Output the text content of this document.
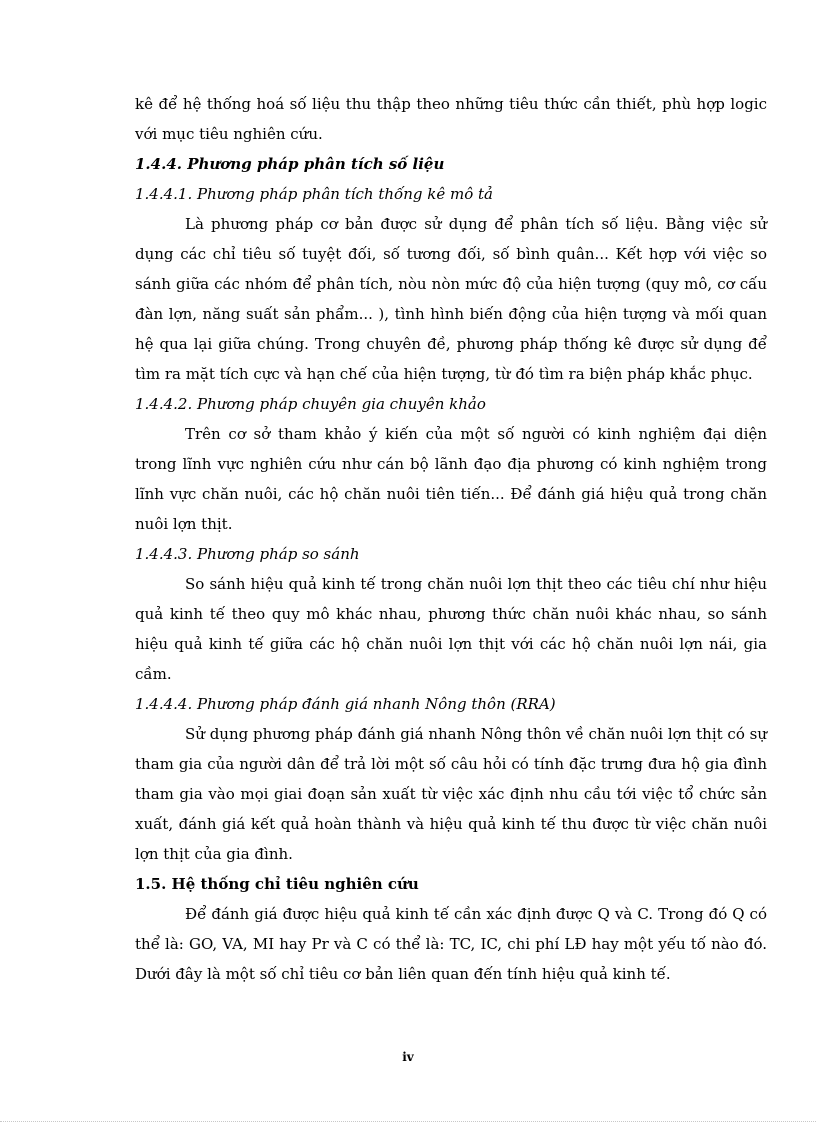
kê để hệ thống hoá số liệu thu thập theo những tiêu thức cần thiết, phù hợp logic với mục tiêu nghiên cứu.

1.4.4. Phương pháp phân tích số liệu

1.4.4.1. Phương pháp phân tích thống kê mô tả

Là phương pháp cơ bản được sử dụng để phân tích số liệu. Bằng việc sử dụng các chỉ tiêu số tuyệt đối, số tương đối, số bình quân... Kết hợp với việc so sánh giữa các nhóm để phân tích, nòu nòn mức độ của hiện tượng (quy mô, cơ cấu đàn lợn, năng suất sản phẩm... ), tình hình biến động của hiện tượng và mối quan hệ qua lại giữa chúng. Trong chuyên đề, phương pháp thống kê được sử dụng để tìm ra mặt tích cực và hạn chế của hiện tượng, từ đó tìm ra biện pháp khắc phục.

1.4.4.2. Phương pháp chuyên gia chuyên khảo

Trên cơ sở tham khảo ý kiến của một số người có kinh nghiệm đại diện trong lĩnh vực nghiên cứu như cán bộ lãnh đạo địa phương có kinh nghiệm trong lĩnh vực chăn nuôi, các hộ chăn nuôi tiên tiến... Để đánh giá hiệu quả trong chăn nuôi lợn thịt.

1.4.4.3. Phương pháp so sánh

So sánh hiệu quả kinh tế trong chăn nuôi lợn thịt theo các tiêu chí như hiệu quả kinh tế theo quy mô khác nhau, phương thức chăn nuôi khác nhau, so sánh hiệu quả kinh tế giữa các hộ chăn nuôi lợn thịt với các hộ chăn nuôi lợn nái, gia cầm.

1.4.4.4. Phương pháp đánh giá nhanh Nông thôn (RRA)

Sử dụng phương pháp đánh giá nhanh Nông thôn về chăn nuôi lợn thịt có sự tham gia của người dân để trả lời một số câu hỏi có tính đặc trưng đưa hộ gia đình tham gia vào mọi giai đoạn sản xuất từ việc xác định nhu cầu tới việc tổ chức sản xuất, đánh giá kết quả hoàn thành và hiệu quả kinh tế thu được từ việc chăn nuôi lợn thịt của gia đình.

1.5. Hệ thống chỉ tiêu nghiên cứu

Để đánh giá được hiệu quả kinh tế cần xác định được Q và C. Trong đó Q có thể là: GO, VA, MI hay Pr và C có thể là: TC, IC, chi phí LĐ hay một yếu tố nào đó. Dưới đây là một số chỉ tiêu cơ bản liên quan đến tính hiệu quả kinh tế.

iv
